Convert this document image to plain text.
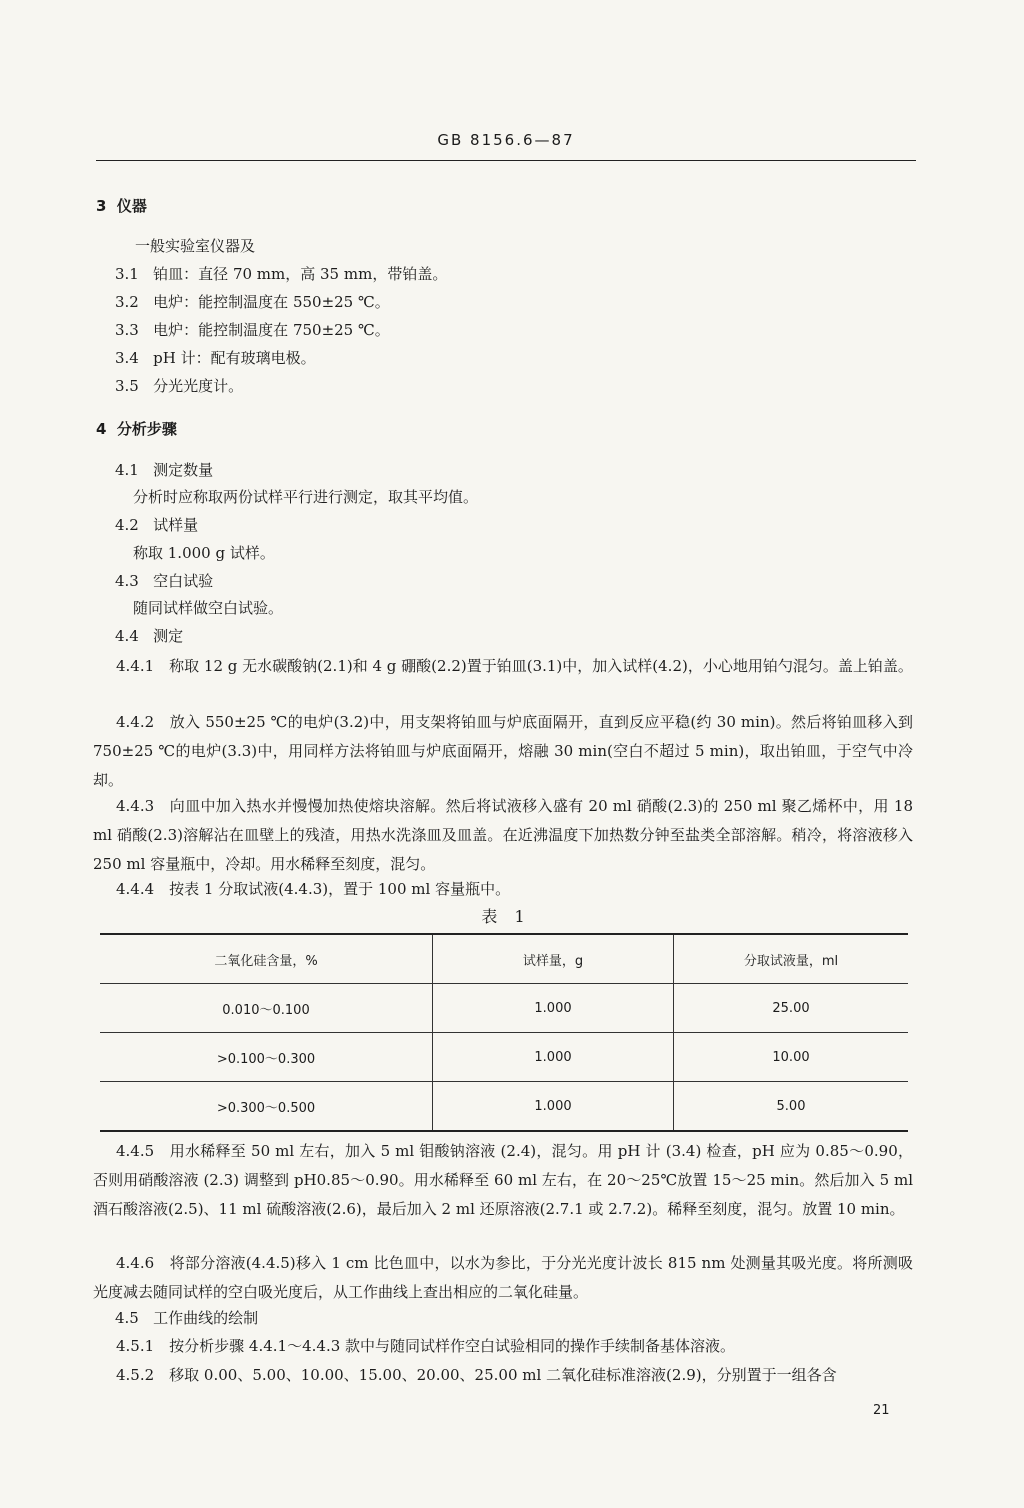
GB 8156.6—87
3 仪器
一般实验室仪器及
3.1 铂皿：直径 70 mm，高 35 mm，带铂盖。
3.2 电炉：能控制温度在 550±25 ℃。
3.3 电炉：能控制温度在 750±25 ℃。
3.4 pH 计：配有玻璃电极。
3.5 分光光度计。
4 分析步骤
4.1 测定数量
分析时应称取两份试样平行进行测定，取其平均值。
4.2 试样量
称取 1.000 g 试样。
4.3 空白试验
随同试样做空白试验。
4.4 测定
4.4.1　称取 12 g 无水碳酸钠(2.1)和 4 g 硼酸(2.2)置于铂皿(3.1)中，加入试样(4.2)，小心地用铂勺混匀。盖上铂盖。
4.4.2　放入 550±25 ℃的电炉(3.2)中，用支架将铂皿与炉底面隔开，直到反应平稳(约 30 min)。然后将铂皿移入到 750±25 ℃的电炉(3.3)中，用同样方法将铂皿与炉底面隔开，熔融 30 min(空白不超过 5 min)，取出铂皿，于空气中冷却。
4.4.3　向皿中加入热水并慢慢加热使熔块溶解。然后将试液移入盛有 20 ml 硝酸(2.3)的 250 ml 聚乙烯杯中，用 18 ml 硝酸(2.3)溶解沾在皿壁上的残渣，用热水洗涤皿及皿盖。在近沸温度下加热数分钟至盐类全部溶解。稍冷，将溶液移入 250 ml 容量瓶中，冷却。用水稀释至刻度，混匀。
4.4.4　按表 1 分取试液(4.4.3)，置于 100 ml 容量瓶中。
表 1
二氧化硅含量，%	试样量，g	分取试液量，ml
0.010～0.100	1.000	25.00
>0.100～0.300	1.000	10.00
>0.300～0.500	1.000	5.00
4.4.5　用水稀释至 50 ml 左右，加入 5 ml 钼酸钠溶液 (2.4)，混匀。用 pH 计 (3.4) 检查，pH 应为 0.85～0.90，否则用硝酸溶液 (2.3) 调整到 pH0.85～0.90。用水稀释至 60 ml 左右，在 20～25℃放置 15～25 min。然后加入 5 ml 酒石酸溶液(2.5)、11 ml 硫酸溶液(2.6)，最后加入 2 ml 还原溶液(2.7.1 或 2.7.2)。稀释至刻度，混匀。放置 10 min。
4.4.6　将部分溶液(4.4.5)移入 1 cm 比色皿中，以水为参比，于分光光度计波长 815 nm 处测量其吸光度。将所测吸光度减去随同试样的空白吸光度后，从工作曲线上查出相应的二氧化硅量。
4.5 工作曲线的绘制
4.5.1　按分析步骤 4.4.1～4.4.3 款中与随同试样作空白试验相同的操作手续制备基体溶液。
4.5.2　移取 0.00、5.00、10.00、15.00、20.00、25.00 ml 二氧化硅标准溶液(2.9)，分别置于一组各含
21
